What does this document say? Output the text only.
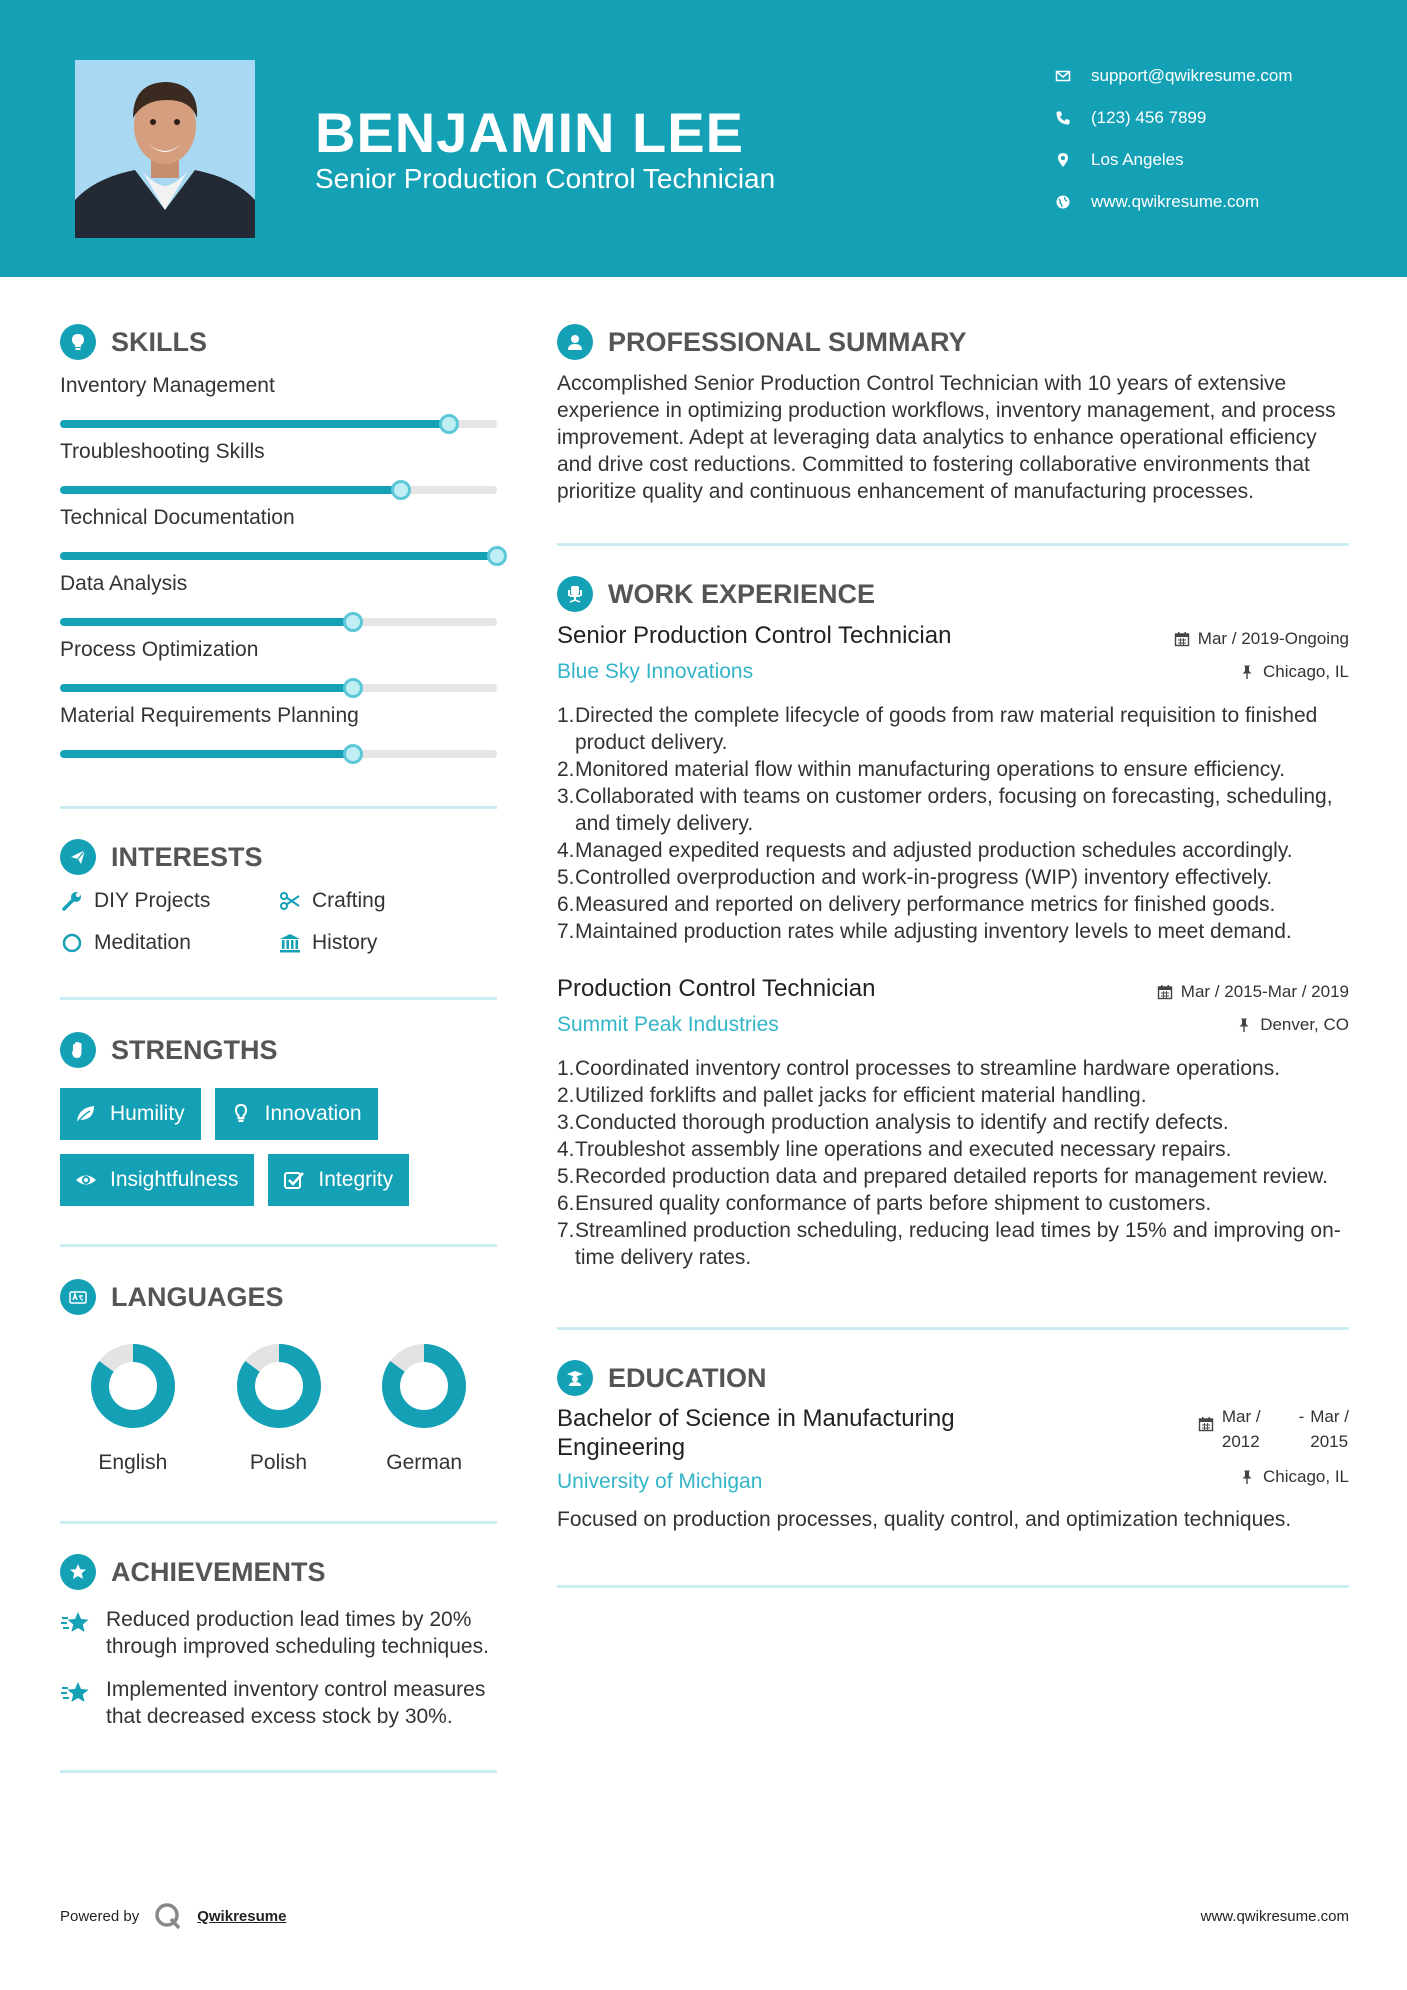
BENJAMIN LEE
Senior Production Control Technician
support@qwikresume.com
(123) 456 7899
Los Angeles
www.qwikresume.com
SKILLS
Inventory Management
Troubleshooting Skills
Technical Documentation
Data Analysis
Process Optimization
Material Requirements Planning
INTERESTS
DIY Projects	Crafting
Meditation	History
STRENGTHS
Humility	Innovation
Insightfulness	Integrity
LANGUAGES
English	Polish	German
ACHIEVEMENTS
Reduced production lead times by 20% through improved scheduling techniques.
Implemented inventory control measures that decreased excess stock by 30%.
PROFESSIONAL SUMMARY
Accomplished Senior Production Control Technician with 10 years of extensive experience in optimizing production workflows, inventory management, and process improvement. Adept at leveraging data analytics to enhance operational efficiency and drive cost reductions. Committed to fostering collaborative environments that prioritize quality and continuous enhancement of manufacturing processes.
WORK EXPERIENCE
Senior Production Control Technician
Blue Sky Innovations
Mar / 2019-Ongoing
Chicago, IL
1. Directed the complete lifecycle of goods from raw material requisition to finished product delivery.
2. Monitored material flow within manufacturing operations to ensure efficiency.
3. Collaborated with teams on customer orders, focusing on forecasting, scheduling, and timely delivery.
4. Managed expedited requests and adjusted production schedules accordingly.
5. Controlled overproduction and work-in-progress (WIP) inventory effectively.
6. Measured and reported on delivery performance metrics for finished goods.
7. Maintained production rates while adjusting inventory levels to meet demand.
Production Control Technician
Summit Peak Industries
Mar / 2015-Mar / 2019
Denver, CO
1. Coordinated inventory control processes to streamline hardware operations.
2. Utilized forklifts and pallet jacks for efficient material handling.
3. Conducted thorough production analysis to identify and rectify defects.
4. Troubleshot assembly line operations and executed necessary repairs.
5. Recorded production data and prepared detailed reports for management review.
6. Ensured quality conformance of parts before shipment to customers.
7. Streamlined production scheduling, reducing lead times by 15% and improving on-time delivery rates.
EDUCATION
Bachelor of Science in Manufacturing Engineering
University of Michigan
Mar /
2012
- Mar /
2015
Chicago, IL
Focused on production processes, quality control, and optimization techniques.
Powered by	Qwikresume	www.qwikresume.com
